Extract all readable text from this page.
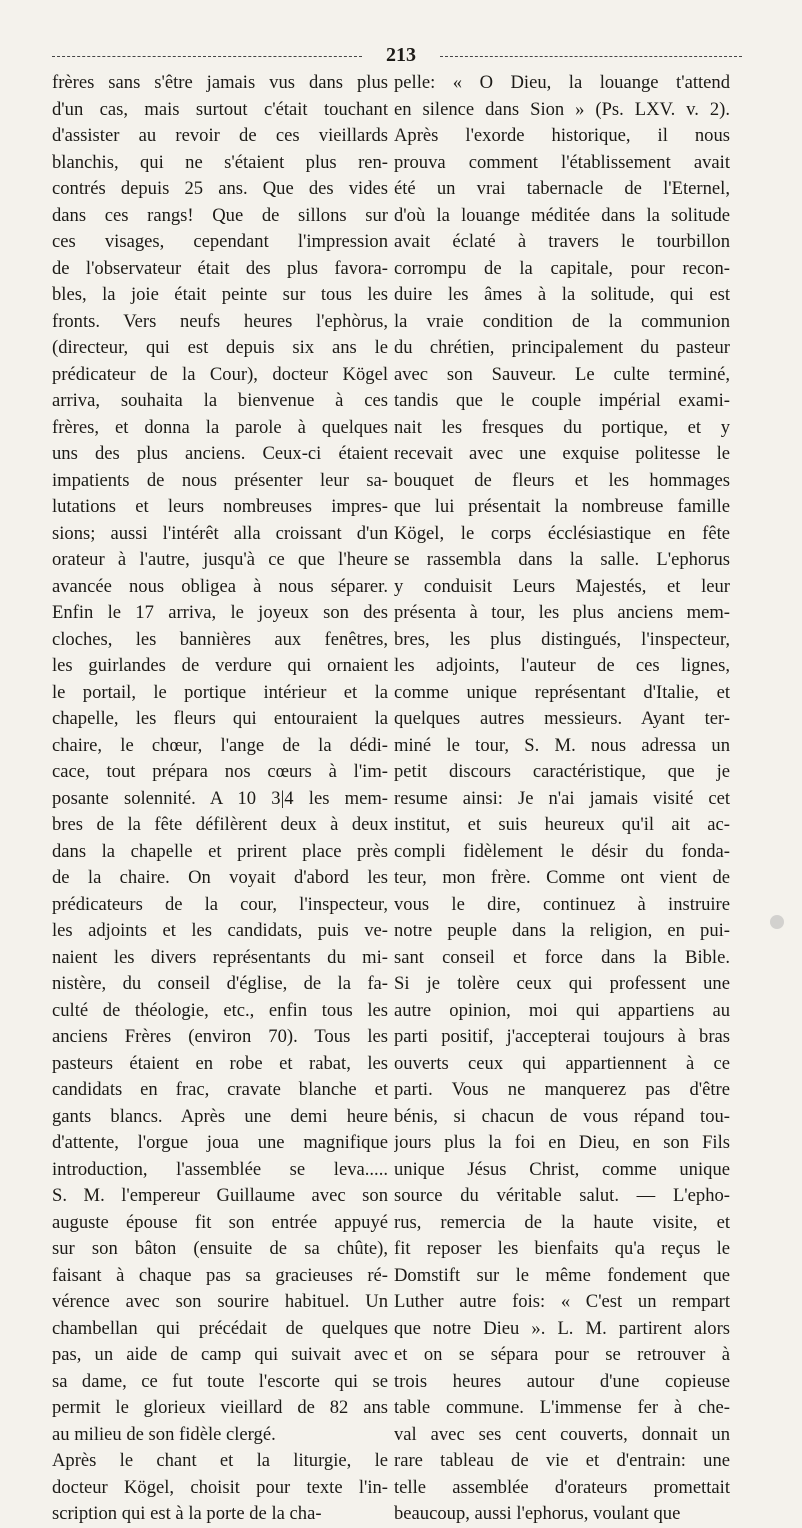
213
frères sans s'être jamais vus dans plus
d'un cas, mais surtout c'était touchant
d'assister au revoir de ces vieillards
blanchis, qui ne s'étaient plus ren-
contrés depuis 25 ans. Que des vides
dans ces rangs! Que de sillons sur
ces visages, cependant l'impression
de l'observateur était des plus favora-
bles, la joie était peinte sur tous les
fronts. Vers neufs heures l'ephòrus,
(directeur, qui est depuis six ans le
prédicateur de la Cour), docteur Kögel
arriva, souhaita la bienvenue à ces
frères, et donna la parole à quelques
uns des plus anciens. Ceux-ci étaient
impatients de nous présenter leur sa-
lutations et leurs nombreuses impres-
sions; aussi l'intérêt alla croissant d'un
orateur à l'autre, jusqu'à ce que l'heure
avancée nous obligea à nous séparer.
Enfin le 17 arriva, le joyeux son des
cloches, les bannières aux fenêtres,
les guirlandes de verdure qui ornaient
le portail, le portique intérieur et la
chapelle, les fleurs qui entouraient la
chaire, le chœur, l'ange de la dédi-
cace, tout prépara nos cœurs à l'im-
posante solennité. A 10 3|4 les mem-
bres de la fête défilèrent deux à deux
dans la chapelle et prirent place près
de la chaire. On voyait d'abord les
prédicateurs de la cour, l'inspecteur,
les adjoints et les candidats, puis ve-
naient les divers représentants du mi-
nistère, du conseil d'église, de la fa-
culté de théologie, etc., enfin tous les
anciens Frères (environ 70). Tous les
pasteurs étaient en robe et rabat, les
candidats en frac, cravate blanche et
gants blancs. Après une demi heure
d'attente, l'orgue joua une magnifique
introduction, l'assemblée se leva.....
S. M. l'empereur Guillaume avec son
auguste épouse fit son entrée appuyé
sur son bâton (ensuite de sa chûte),
faisant à chaque pas sa gracieuses ré-
vérence avec son sourire habituel. Un
chambellan qui précédait de quelques
pas, un aide de camp qui suivait avec
sa dame, ce fut toute l'escorte qui se
permit le glorieux vieillard de 82 ans
au milieu de son fidèle clergé.
Après le chant et la liturgie, le
docteur Kögel, choisit pour texte l'in-
scription qui est à la porte de la cha-
pelle: « O Dieu, la louange t'attend
en silence dans Sion » (Ps. LXV. v. 2).
Après l'exorde historique, il nous
prouva comment l'établissement avait
été un vrai tabernacle de l'Eternel,
d'où la louange méditée dans la solitude
avait éclaté à travers le tourbillon
corrompu de la capitale, pour recon-
duire les âmes à la solitude, qui est
la vraie condition de la communion
du chrétien, principalement du pasteur
avec son Sauveur. Le culte terminé,
tandis que le couple impérial exami-
nait les fresques du portique, et y
recevait avec une exquise politesse le
bouquet de fleurs et les hommages
que lui présentait la nombreuse famille
Kögel, le corps écclésiastique en fête
se rassembla dans la salle. L'ephorus
y conduisit Leurs Majestés, et leur
présenta à tour, les plus anciens mem-
bres, les plus distingués, l'inspecteur,
les adjoints, l'auteur de ces lignes,
comme unique représentant d'Italie, et
quelques autres messieurs. Ayant ter-
miné le tour, S. M. nous adressa un
petit discours caractéristique, que je
resume ainsi: Je n'ai jamais visité cet
institut, et suis heureux qu'il ait ac-
compli fidèlement le désir du fonda-
teur, mon frère. Comme ont vient de
vous le dire, continuez à instruire
notre peuple dans la religion, en pui-
sant conseil et force dans la Bible.
Si je tolère ceux qui professent une
autre opinion, moi qui appartiens au
parti positif, j'accepterai toujours à bras
ouverts ceux qui appartiennent à ce
parti. Vous ne manquerez pas d'être
bénis, si chacun de vous répand tou-
jours plus la foi en Dieu, en son Fils
unique Jésus Christ, comme unique
source du véritable salut. — L'epho-
rus, remercia de la haute visite, et
fit reposer les bienfaits qu'a reçus le
Domstift sur le même fondement que
Luther autre fois: « C'est un rempart
que notre Dieu ». L. M. partirent alors
et on se sépara pour se retrouver à
trois heures autour d'une copieuse
table commune. L'immense fer à che-
val avec ses cent couverts, donnait un
rare tableau de vie et d'entrain: une
telle assemblée d'orateurs promettait
beaucoup, aussi l'ephorus, voulant que
